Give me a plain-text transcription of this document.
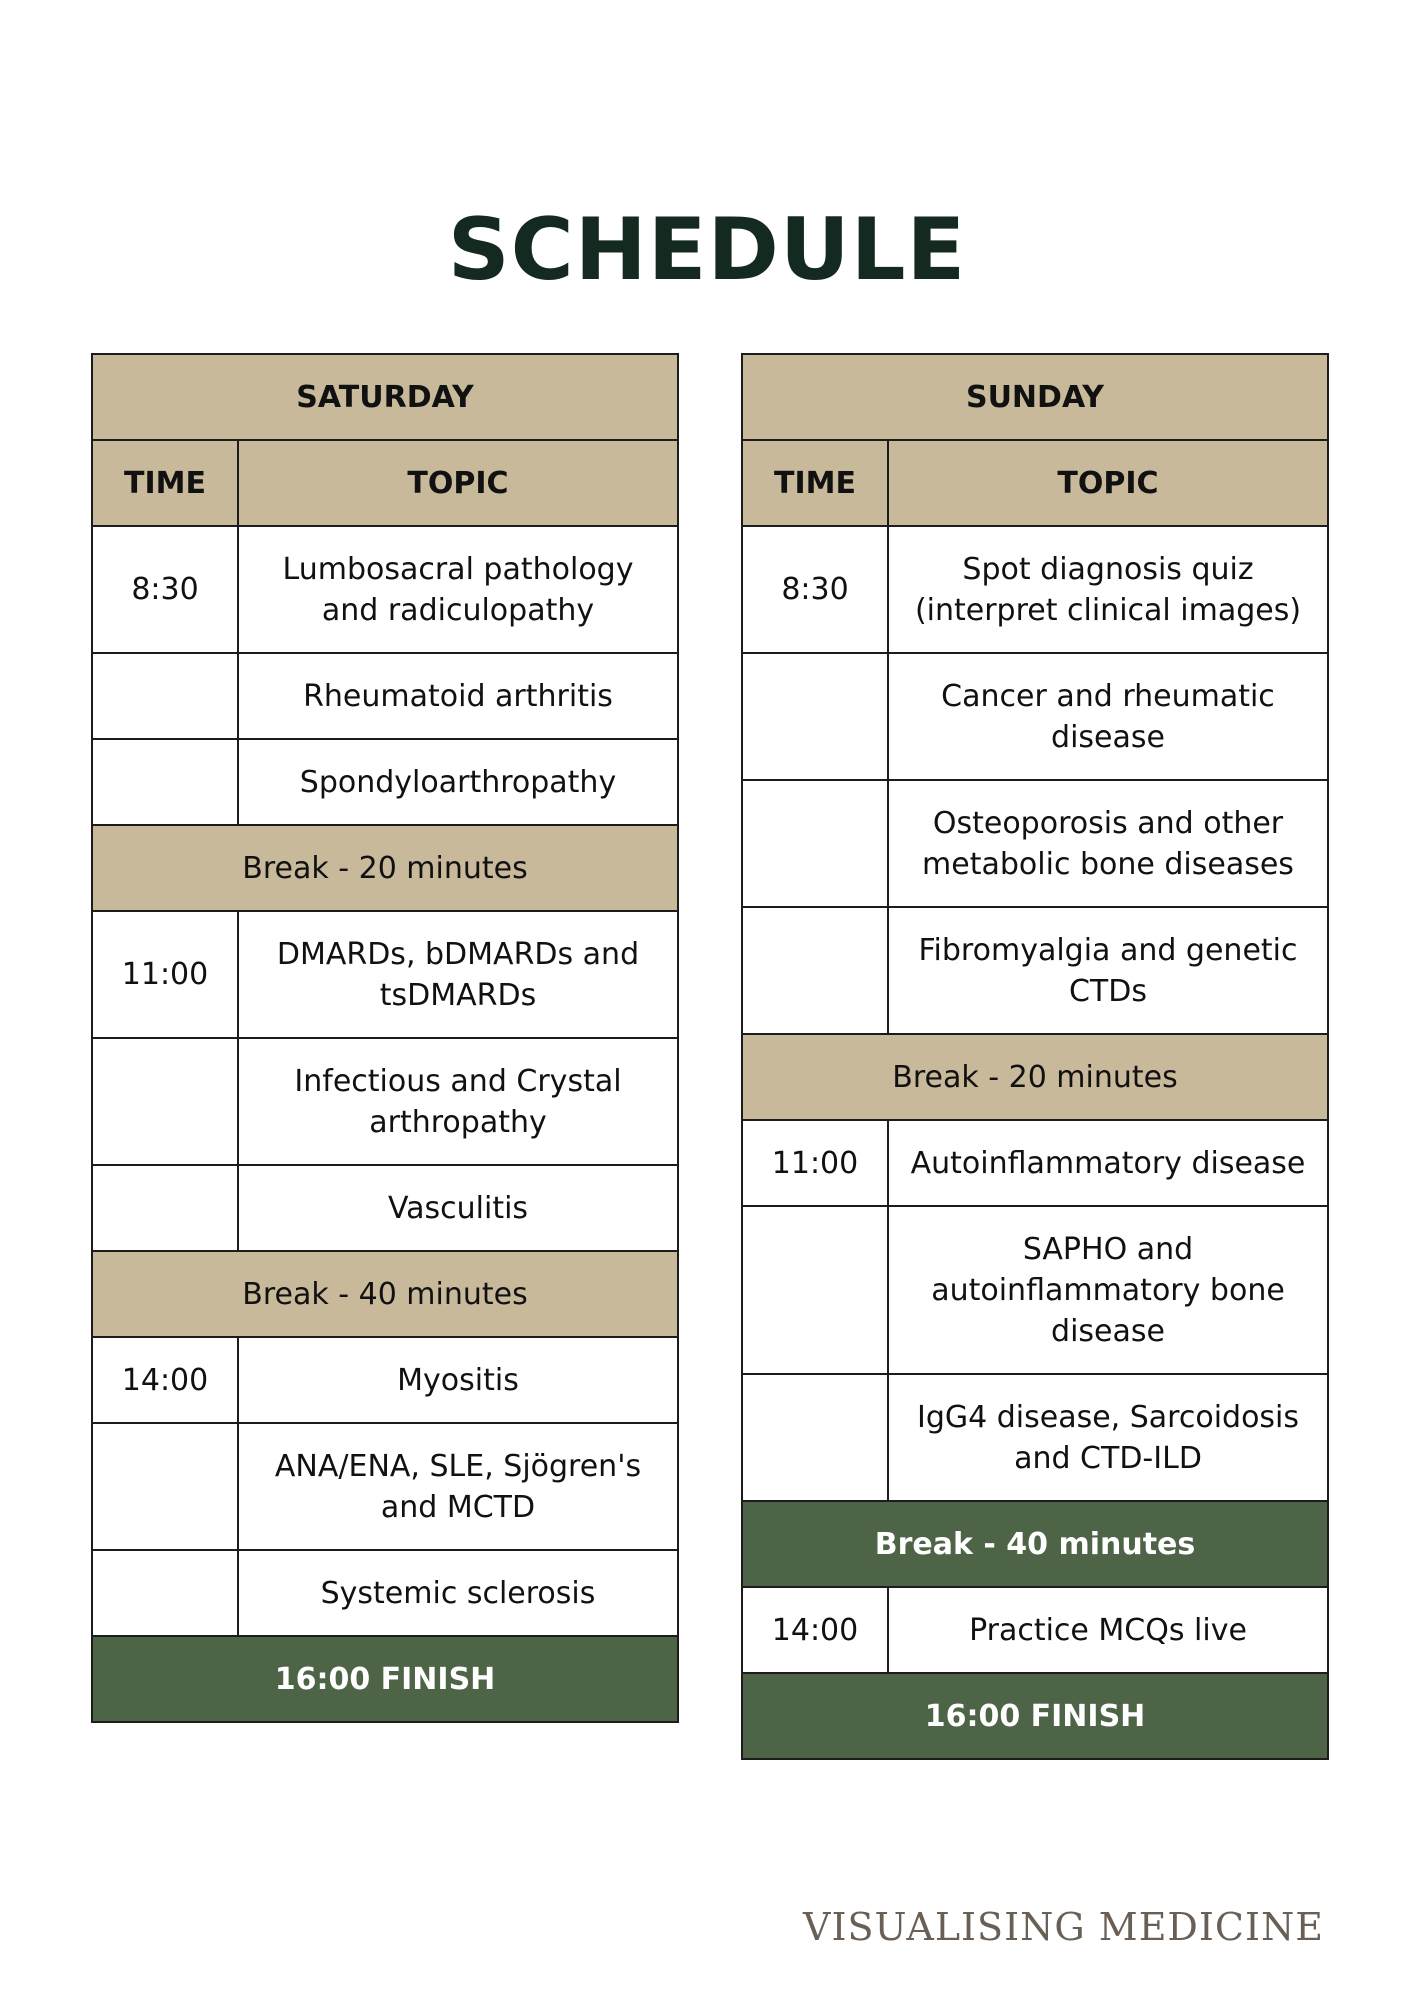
SCHEDULE
SATURDAY	
TIME	TOPIC
8:30	Lumbosacral pathology and radiculopathy
	Rheumatoid arthritis
	Spondyloarthropathy
Break - 20 minutes	
11:00	DMARDs, bDMARDs and tsDMARDs
	Infectious and Crystal arthropathy
	Vasculitis
Break - 40 minutes	
14:00	Myositis
	ANA/ENA, SLE, Sjögren's and MCTD
	Systemic sclerosis
16:00 FINISH	
SUNDAY	
TIME	TOPIC
8:30	Spot diagnosis quiz (interpret clinical images)
	Cancer and rheumatic disease
	Osteoporosis and other metabolic bone diseases
	Fibromyalgia and genetic CTDs
Break - 20 minutes	
11:00	Autoinflammatory disease
	SAPHO and autoinflammatory bone disease
	IgG4 disease, Sarcoidosis and CTD-ILD
Break - 40 minutes	
14:00	Practice MCQs live
16:00 FINISH	
VISUALISING MEDICINE
